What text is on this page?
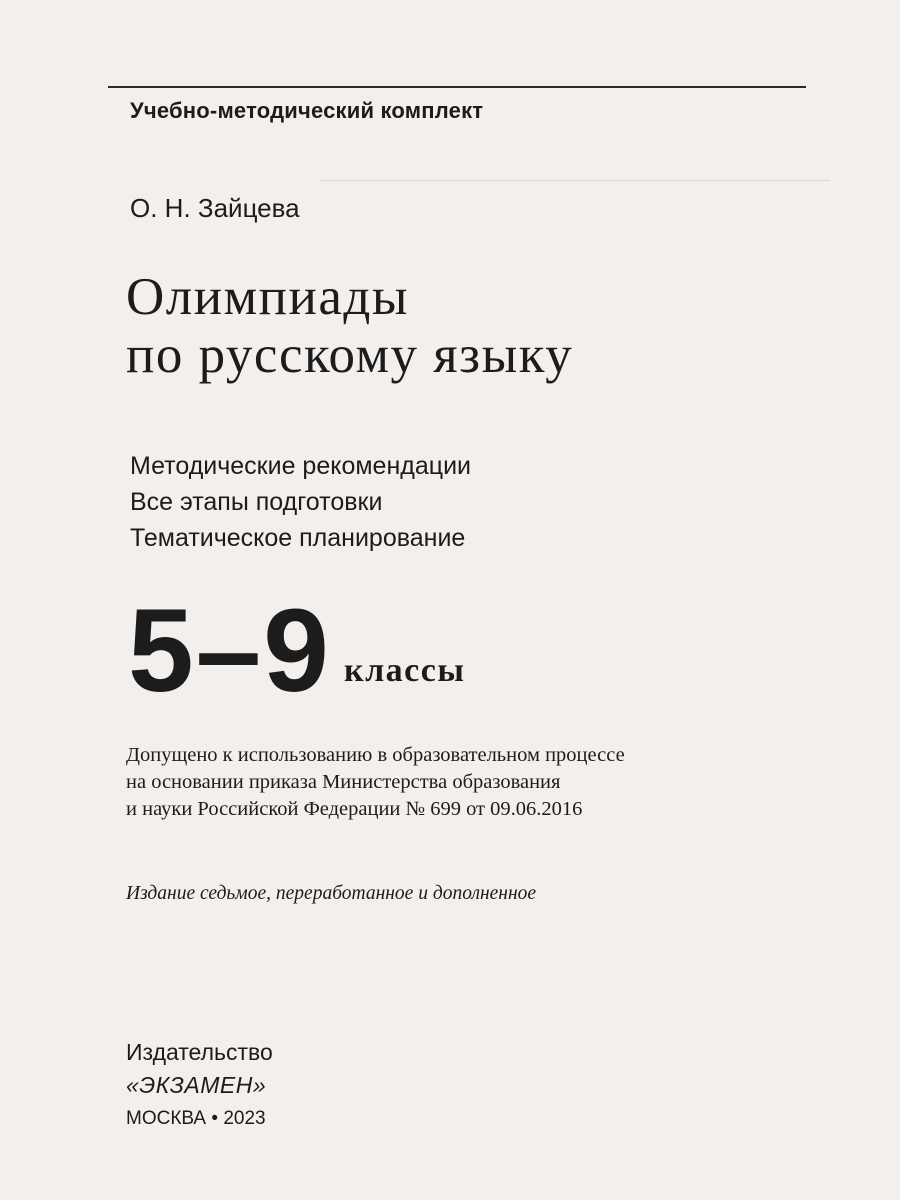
────────────────────────────────────────────────
Учебно-методический комплект
О. Н. Зайцева
Олимпиады
по русскому языку
Методические рекомендации
Все этапы подготовки
Тематическое планирование
5–9 классы
Допущено к использованию в образовательном процессе
на основании приказа Министерства образования
и науки Российской Федерации № 699 от 09.06.2016
Издание седьмое, переработанное и дополненное
Издательство
«ЭКЗАМЕН»
МОСКВА • 2023
